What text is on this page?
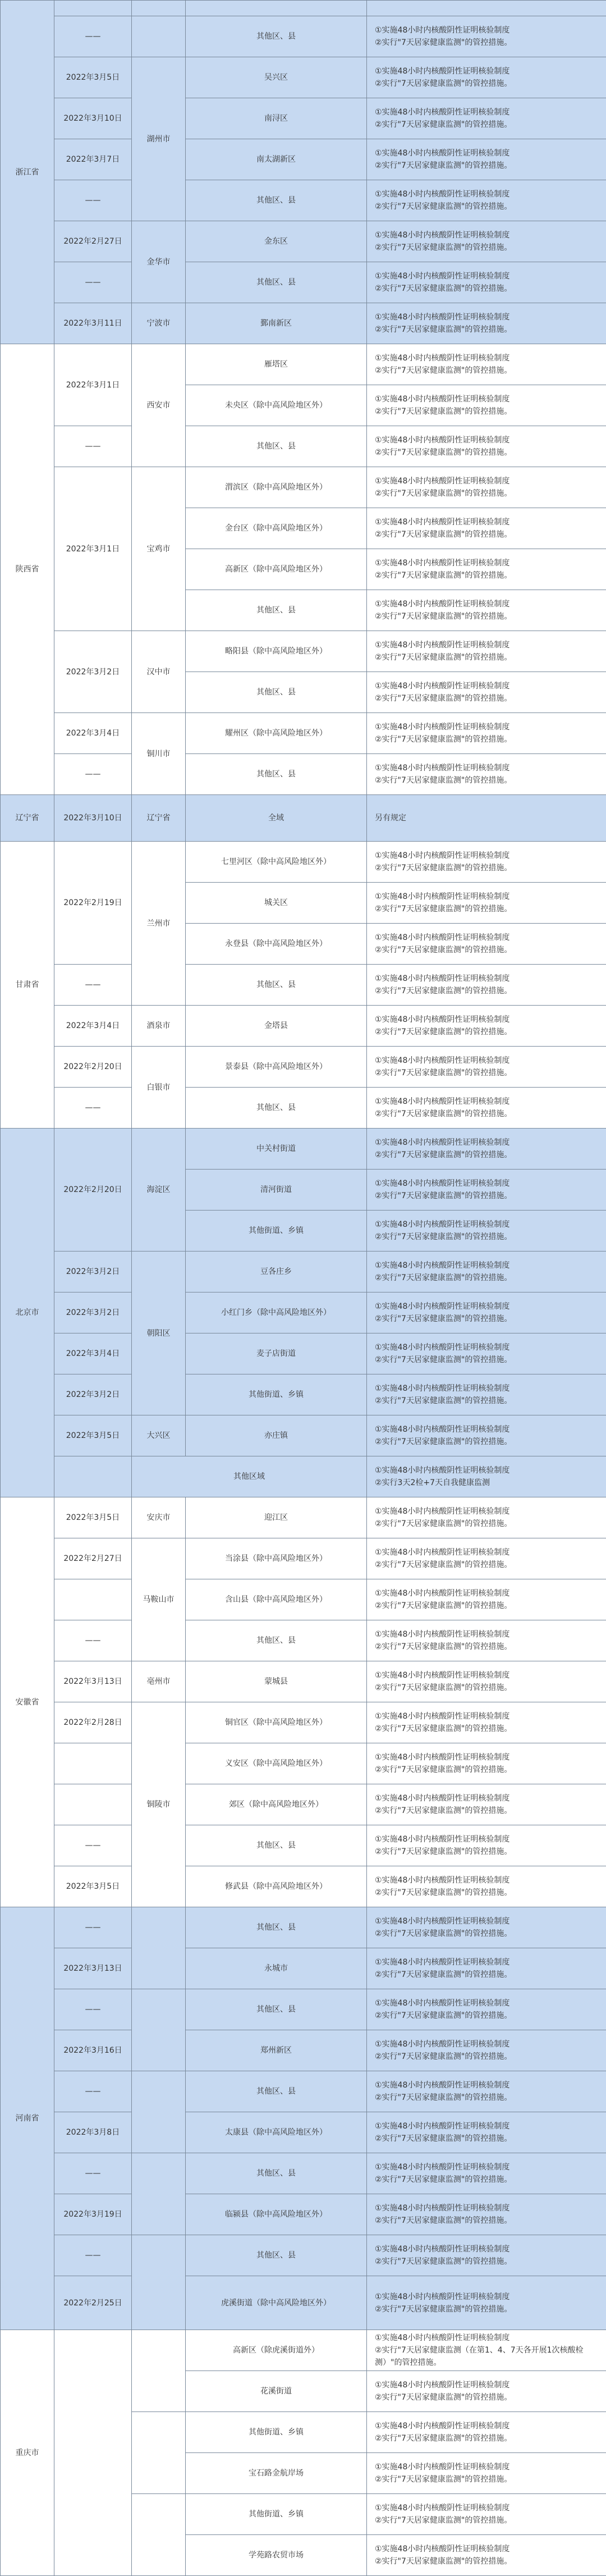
浙江省				
	——		其他区、县	①实施48小时内核酸阴性证明核验制度
②实行"7天居家健康监测"的管控措施。
	2022年3月5日	湖州市	吴兴区	①实施48小时内核酸阴性证明核验制度
②实行"7天居家健康监测"的管控措施。
	2022年3月10日		南浔区	①实施48小时内核酸阴性证明核验制度
②实行"7天居家健康监测"的管控措施。
	2022年3月7日		南太湖新区	①实施48小时内核酸阴性证明核验制度
②实行"7天居家健康监测"的管控措施。
	——		其他区、县	①实施48小时内核酸阴性证明核验制度
②实行"7天居家健康监测"的管控措施。
	2022年2月27日	金华市	金东区	①实施48小时内核酸阴性证明核验制度
②实行"7天居家健康监测"的管控措施。
	——		其他区、县	①实施48小时内核酸阴性证明核验制度
②实行"7天居家健康监测"的管控措施。
	2022年3月11日	宁波市	鄞南新区	①实施48小时内核酸阴性证明核验制度
②实行"7天居家健康监测"的管控措施。
陕西省	2022年3月1日	西安市	雁塔区	①实施48小时内核酸阴性证明核验制度
②实行"7天居家健康监测"的管控措施。
			未央区（除中高风险地区外）	①实施48小时内核酸阴性证明核验制度
②实行"7天居家健康监测"的管控措施。
	——		其他区、县	①实施48小时内核酸阴性证明核验制度
②实行"7天居家健康监测"的管控措施。
	2022年3月1日	宝鸡市	渭滨区（除中高风险地区外）	①实施48小时内核酸阴性证明核验制度
②实行"7天居家健康监测"的管控措施。
			金台区（除中高风险地区外）	①实施48小时内核酸阴性证明核验制度
②实行"7天居家健康监测"的管控措施。
			高新区（除中高风险地区外）	①实施48小时内核酸阴性证明核验制度
②实行"7天居家健康监测"的管控措施。
			其他区、县	①实施48小时内核酸阴性证明核验制度
②实行"7天居家健康监测"的管控措施。
	2022年3月2日	汉中市	略阳县（除中高风险地区外）	①实施48小时内核酸阴性证明核验制度
②实行"7天居家健康监测"的管控措施。
			其他区、县	①实施48小时内核酸阴性证明核验制度
②实行"7天居家健康监测"的管控措施。
	2022年3月4日	铜川市	耀州区（除中高风险地区外）	①实施48小时内核酸阴性证明核验制度
②实行"7天居家健康监测"的管控措施。
	——		其他区、县	①实施48小时内核酸阴性证明核验制度
②实行"7天居家健康监测"的管控措施。
辽宁省	2022年3月10日	辽宁省	全域	另有规定
甘肃省	2022年2月19日	兰州市	七里河区（除中高风险地区外）	①实施48小时内核酸阴性证明核验制度
②实行"7天居家健康监测"的管控措施。
			城关区	①实施48小时内核酸阴性证明核验制度
②实行"7天居家健康监测"的管控措施。
			永登县（除中高风险地区外）	①实施48小时内核酸阴性证明核验制度
②实行"7天居家健康监测"的管控措施。
	——		其他区、县	①实施48小时内核酸阴性证明核验制度
②实行"7天居家健康监测"的管控措施。
	2022年3月4日	酒泉市	金塔县	①实施48小时内核酸阴性证明核验制度
②实行"7天居家健康监测"的管控措施。
	2022年2月20日	白银市	景泰县（除中高风险地区外）	①实施48小时内核酸阴性证明核验制度
②实行"7天居家健康监测"的管控措施。
	——		其他区、县	①实施48小时内核酸阴性证明核验制度
②实行"7天居家健康监测"的管控措施。
北京市	2022年2月20日	海淀区	中关村街道	①实施48小时内核酸阴性证明核验制度
②实行"7天居家健康监测"的管控措施。
			清河街道	①实施48小时内核酸阴性证明核验制度
②实行"7天居家健康监测"的管控措施。
			其他街道、乡镇	①实施48小时内核酸阴性证明核验制度
②实行"7天居家健康监测"的管控措施。
	2022年3月2日	朝阳区	豆各庄乡	①实施48小时内核酸阴性证明核验制度
②实行"7天居家健康监测"的管控措施。
	2022年3月2日		小红门乡（除中高风险地区外）	①实施48小时内核酸阴性证明核验制度
②实行"7天居家健康监测"的管控措施。
	2022年3月4日		麦子店街道	①实施48小时内核酸阴性证明核验制度
②实行"7天居家健康监测"的管控措施。
	2022年3月2日		其他街道、乡镇	①实施48小时内核酸阴性证明核验制度
②实行"7天居家健康监测"的管控措施。
	2022年3月5日	大兴区	亦庄镇	①实施48小时内核酸阴性证明核验制度
②实行"7天居家健康监测"的管控措施。
		其他区域		①实施48小时内核酸阴性证明核验制度
②实行3天2检+7天自我健康监测
安徽省	2022年3月5日	安庆市	迎江区	①实施48小时内核酸阴性证明核验制度
②实行"7天居家健康监测"的管控措施。
	2022年2月27日	马鞍山市	当涂县（除中高风险地区外）	①实施48小时内核酸阴性证明核验制度
②实行"7天居家健康监测"的管控措施。
			含山县（除中高风险地区外）	①实施48小时内核酸阴性证明核验制度
②实行"7天居家健康监测"的管控措施。
	——		其他区、县	①实施48小时内核酸阴性证明核验制度
②实行"7天居家健康监测"的管控措施。
	2022年3月13日	亳州市	蒙城县	①实施48小时内核酸阴性证明核验制度
②实行"7天居家健康监测"的管控措施。
	2022年2月28日	铜陵市	铜官区（除中高风险地区外）	①实施48小时内核酸阴性证明核验制度
②实行"7天居家健康监测"的管控措施。
			义安区（除中高风险地区外）	①实施48小时内核酸阴性证明核验制度
②实行"7天居家健康监测"的管控措施。
			郊区（除中高风险地区外）	①实施48小时内核酸阴性证明核验制度
②实行"7天居家健康监测"的管控措施。
	——		其他区、县	①实施48小时内核酸阴性证明核验制度
②实行"7天居家健康监测"的管控措施。
	2022年3月5日		修武县（除中高风险地区外）	①实施48小时内核酸阴性证明核验制度
②实行"7天居家健康监测"的管控措施。
河南省	——		其他区、县	①实施48小时内核酸阴性证明核验制度
②实行"7天居家健康监测"的管控措施。
	2022年3月13日		永城市	①实施48小时内核酸阴性证明核验制度
②实行"7天居家健康监测"的管控措施。
	——		其他区、县	①实施48小时内核酸阴性证明核验制度
②实行"7天居家健康监测"的管控措施。
	2022年3月16日		郑州新区	①实施48小时内核酸阴性证明核验制度
②实行"7天居家健康监测"的管控措施。
	——		其他区、县	①实施48小时内核酸阴性证明核验制度
②实行"7天居家健康监测"的管控措施。
	2022年3月8日		太康县（除中高风险地区外）	①实施48小时内核酸阴性证明核验制度
②实行"7天居家健康监测"的管控措施。
	——		其他区、县	①实施48小时内核酸阴性证明核验制度
②实行"7天居家健康监测"的管控措施。
	2022年3月19日		临颍县（除中高风险地区外）	①实施48小时内核酸阴性证明核验制度
②实行"7天居家健康监测"的管控措施。
	——		其他区、县	①实施48小时内核酸阴性证明核验制度
②实行"7天居家健康监测"的管控措施。
	2022年2月25日		虎溪街道（除中高风险地区外）	①实施48小时内核酸阴性证明核验制度
②实行"7天居家健康监测"的管控措施。
重庆市			高新区（除虎溪街道外）	①实施48小时内核酸阴性证明核验制度
②实行"7天居家健康监测（在第1、4、7天各开展1次核酸检测）"的管控措施。
			花溪街道	①实施48小时内核酸阴性证明核验制度
②实行"7天居家健康监测"的管控措施。
			其他街道、乡镇	①实施48小时内核酸阴性证明核验制度
②实行"7天居家健康监测"的管控措施。
			宝石路金航岸场	①实施48小时内核酸阴性证明核验制度
②实行"7天居家健康监测"的管控措施。
			其他街道、乡镇	①实施48小时内核酸阴性证明核验制度
②实行"7天居家健康监测"的管控措施。
			学苑路农贸市场	①实施48小时内核酸阴性证明核验制度
②实行"7天居家健康监测"的管控措施。
